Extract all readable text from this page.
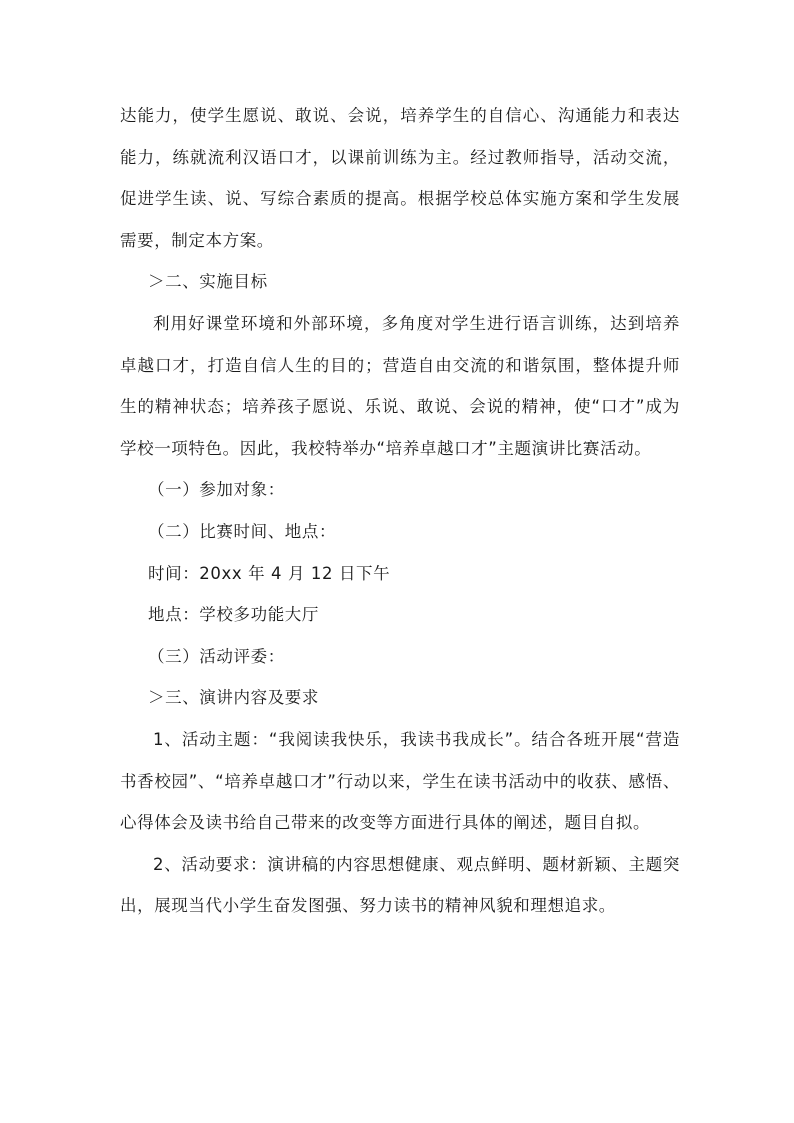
达能力，使学生愿说、敢说、会说，培养学生的自信心、沟通能力和表达能力，练就流利汉语口才，以课前训练为主。经过教师指导，活动交流，促进学生读、说、写综合素质的提高。根据学校总体实施方案和学生发展需要，制定本方案。

＞二、实施目标

利用好课堂环境和外部环境，多角度对学生进行语言训练，达到培养卓越口才，打造自信人生的目的；营造自由交流的和谐氛围，整体提升师生的精神状态；培养孩子愿说、乐说、敢说、会说的精神，使“口才”成为学校一项特色。因此，我校特举办“培养卓越口才”主题演讲比赛活动。

（一）参加对象：

（二）比赛时间、地点：

时间：20xx 年 4 月 12 日下午

地点：学校多功能大厅

（三）活动评委：

＞三、演讲内容及要求

1、活动主题：“我阅读我快乐，我读书我成长”。结合各班开展“营造书香校园”、“培养卓越口才”行动以来，学生在读书活动中的收获、感悟、心得体会及读书给自己带来的改变等方面进行具体的阐述，题目自拟。

2、活动要求：演讲稿的内容思想健康、观点鲜明、题材新颖、主题突出，展现当代小学生奋发图强、努力读书的精神风貌和理想追求。
